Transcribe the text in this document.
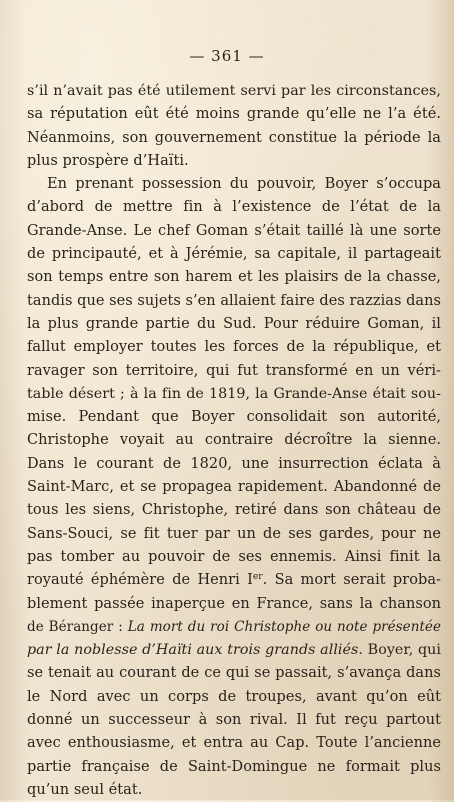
— 361 —
s’il n’avait pas été utilement servi par les circonstances,
sa réputation eût été moins grande qu’elle ne l’a été.
Néanmoins, son gouvernement constitue la période la
plus prospère d’Haïti.
En prenant possession du pouvoir, Boyer s’occupa
d’abord de mettre fin à l’existence de l’état de la
Grande-Anse. Le chef Goman s’était taillé là une sorte
de principauté, et à Jérémie, sa capitale, il partageait
son temps entre son harem et les plaisirs de la chasse,
tandis que ses sujets s’en allaient faire des razzias dans
la plus grande partie du Sud. Pour réduire Goman, il
fallut employer toutes les forces de la république, et
ravager son territoire, qui fut transformé en un véri-
table désert ; à la fin de 1819, la Grande-Anse était sou-
mise. Pendant que Boyer consolidait son autorité,
Christophe voyait au contraire décroître la sienne.
Dans le courant de 1820, une insurrection éclata à
Saint-Marc, et se propagea rapidement. Abandonné de
tous les siens, Christophe, retiré dans son château de
Sans-Souci, se fit tuer par un de ses gardes, pour ne
pas tomber au pouvoir de ses ennemis. Ainsi finit la
royauté éphémère de Henri Ier. Sa mort serait proba-
blement passée inaperçue en France, sans la chanson
de Béranger : La mort du roi Christophe ou note présentée
par la noblesse d’Haïti aux trois grands alliés. Boyer, qui
se tenait au courant de ce qui se passait, s’avança dans
le Nord avec un corps de troupes, avant qu’on eût
donné un successeur à son rival. Il fut reçu partout
avec enthousiasme, et entra au Cap. Toute l’ancienne
partie française de Saint-Domingue ne formait plus
qu’un seul état.
